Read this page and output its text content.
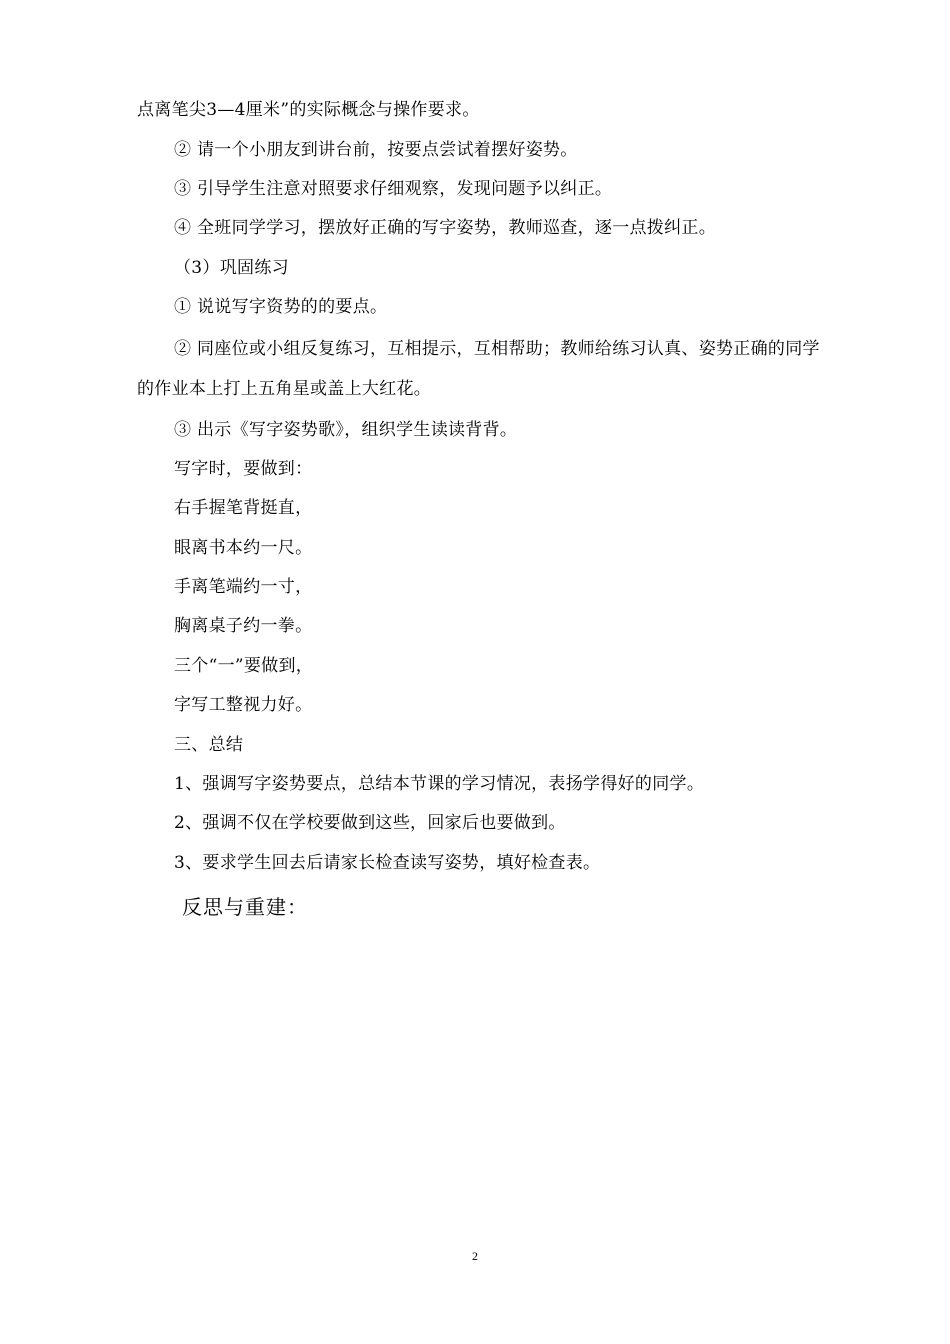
点离笔尖3—4厘米”的实际概念与操作要求。
② 请一个小朋友到讲台前，按要点尝试着摆好姿势。
③ 引导学生注意对照要求仔细观察，发现问题予以纠正。
④ 全班同学学习，摆放好正确的写字姿势，教师巡查，逐一点拨纠正。
（3）巩固练习
① 说说写字资势的的要点。
② 同座位或小组反复练习，互相提示，互相帮助；教师给练习认真、姿势正确的同学
的作业本上打上五角星或盖上大红花。
③ 出示《写字姿势歌》，组织学生读读背背。
写字时，要做到：
右手握笔背挺直，
眼离书本约一尺。
手离笔端约一寸，
胸离桌子约一拳。
三个“一”要做到，
字写工整视力好。
三、总结
1、强调写字姿势要点，总结本节课的学习情况，表扬学得好的同学。
2、强调不仅在学校要做到这些，回家后也要做到。
3、要求学生回去后请家长检查读写姿势，填好检查表。
反思与重建：
2
